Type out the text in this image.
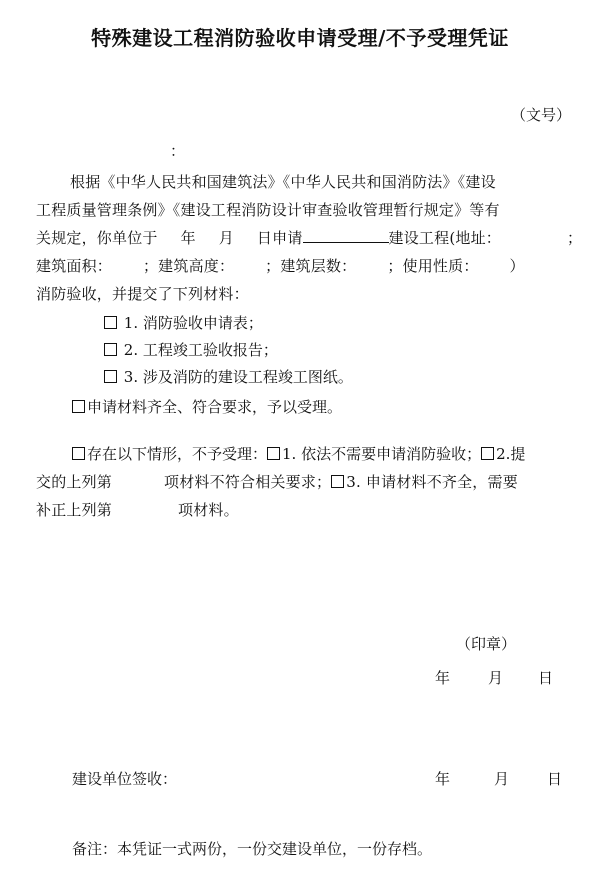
特殊建设工程消防验收申请受理/不予受理凭证
（文号）
：
根据《中华人民共和国建筑法》《中华人民共和国消防法》《建设
工程质量管理条例》《建设工程消防设计审查验收管理暂行规定》等有
关规定，你单位于 年 月 日申请	建设工程(地址：	；
建筑面积： ；建筑高度： ；建筑层数： ；使用性质： ）
消防验收，并提交了下列材料：
1. 消防验收申请表；
2. 工程竣工验收报告；
3. 涉及消防的建设工程竣工图纸。
申请材料齐全、符合要求，予以受理。
存在以下情形，不予受理： 1. 依法不需要申请消防验收； 2.提
交的上列第	项材料不符合相关要求； 3. 申请材料不齐全，需要
补正上列第	项材料。
（印章）
年	月 日
建设单位签收：	年	月	日
备注：本凭证一式两份，一份交建设单位，一份存档。
